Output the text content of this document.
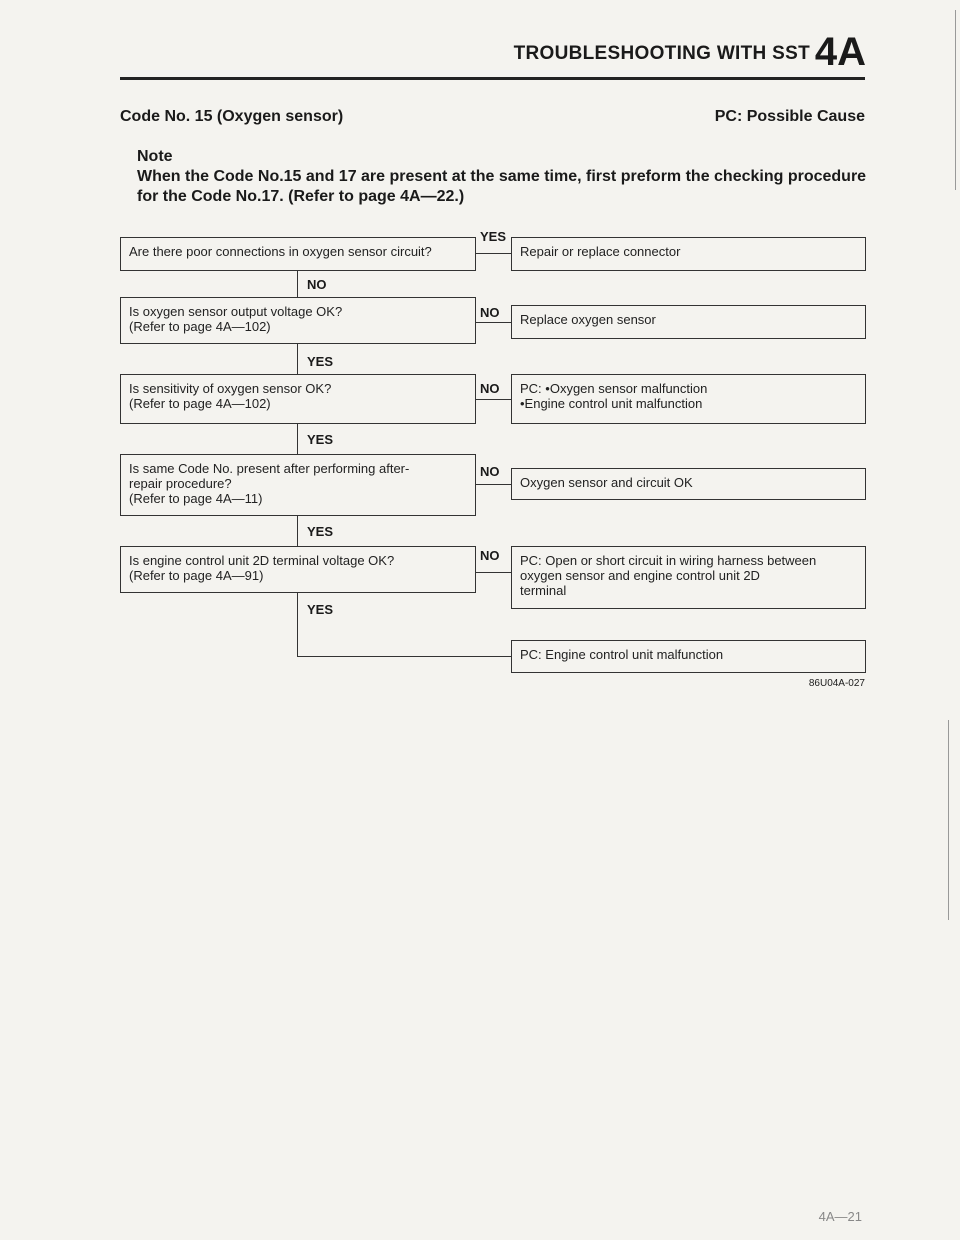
TROUBLESHOOTING WITH SST 4A
Code No. 15 (Oxygen sensor)	PC: Possible Cause
Note
When the Code No.15 and 17 are present at the same time, first preform the checking procedure for the Code No.17. (Refer to page 4A—22.)
Are there poor connections in oxygen sensor circuit?
YES
Repair or replace connector
NO
Is oxygen sensor output voltage OK?
(Refer to page 4A—102)
NO	Replace oxygen sensor
YES
Is sensitivity of oxygen sensor OK?
(Refer to page 4A—102)
NO	PC: •Oxygen sensor malfunction
•Engine control unit malfunction
YES
Is same Code No. present after performing after-
repair procedure?
(Refer to page 4A—11)
NO
Oxygen sensor and circuit OK
YES
Is engine control unit 2D terminal voltage OK?
(Refer to page 4A—91)
NO	PC: Open or short circuit in wiring harness between
oxygen sensor and engine control unit 2D
terminal
YES
PC: Engine control unit malfunction
86U04A-027
4A—21
